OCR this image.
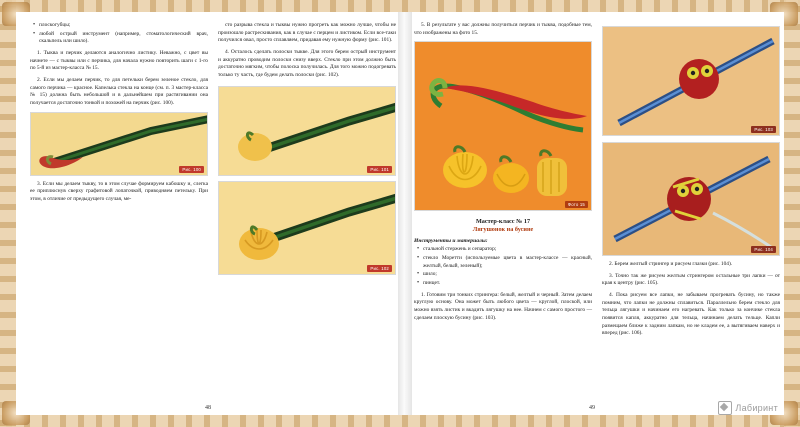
• плоскогубцы;
• любой острый инструмент (например, стоматологический врач, скальпель или шило).

1. Тыква и перчик делаются аналогично листику. Неважно, с цвет вы начнете — с тыквы или с перчика, для начала нужно повторить шаги с 1-го по 5-й из мастер-класса № 15.

2. Если мы делаем перчик, то для петельки берем зеленое стекло, для самого перчика — красное. Капелька стекла на конце (см. п. 3 мастер-класса № 15) должна быть небольшой и в дальнейшем при растягивании она получается достаточно тонкой и похожей на перчик (рис. 100).

Рис. 100

3. Если мы делаем тыкву, то в этом случае формируем кабошку и, слегка ее приплюснув сверху графитовой лопаточкой, приводняем петельку. При этом, в отличие от предыдущего случая, ме-

сто разрыва стекла и тыквы нужно прогреть как можно лучше, чтобы не произошло растрескивания, как в случае с перцем и листиком. Если все-таки получился овал, просто сплавляем, придавая ему нужную форму (рис. 101).

4. Осталось сделать полоски тыкве. Для этого берем острый инструмент и аккуратно проводим полоски снизу вверх. Стекло при этом должно быть достаточно мягким, чтобы полоска получилась. Для того можно подогревать только ту часть, где будем делать полоски (рис. 102).

Рис. 101
Рис. 102
48

5. В результате у вас должны получиться перчик и тыква, подобные тем, что изображены на фото 15.

Фото 15
Мастер-класс № 17
Лягушонок на бусине
Инструменты и материалы:
• стальной стержень и сепаратор;
• стекло Моретти (используемые цвета в мастер-классе — красный, желтый, белый, зеленый);
• шило;
• пинцет.

1. Готовим три тонких стрингера: белый, желтый и черный. Затем делаем круглую основу. Она может быть любого цвета — круглой, плоской, или можно взять листик и вкадить лягушку на нее. Начнем с самого простого — сделаем плоскую бусину (рис. 103).

Рис. 103
Рис. 104

2. Берем желтый стрингер и рисуем глазки (рис. 104).

3. Точно так же рисуем желтым стрингером остальные три лапки — от края к центру (рис. 105).

4. Пока рисуем все лапки, не забываем прогревать бусину, но также помним, что лапки не должны сплавиться. Параллельно берем стекло для тельца лягушки и начинаем его нагревать. Как только за кончике стекла появится капля, аккуратно для тельца, начинаем делать тельце. Капли размещаем ближе к задним лапкам, но не кладем ее, а вытягиваем наверх и вперед (рис. 106).

49	Лабиринт
